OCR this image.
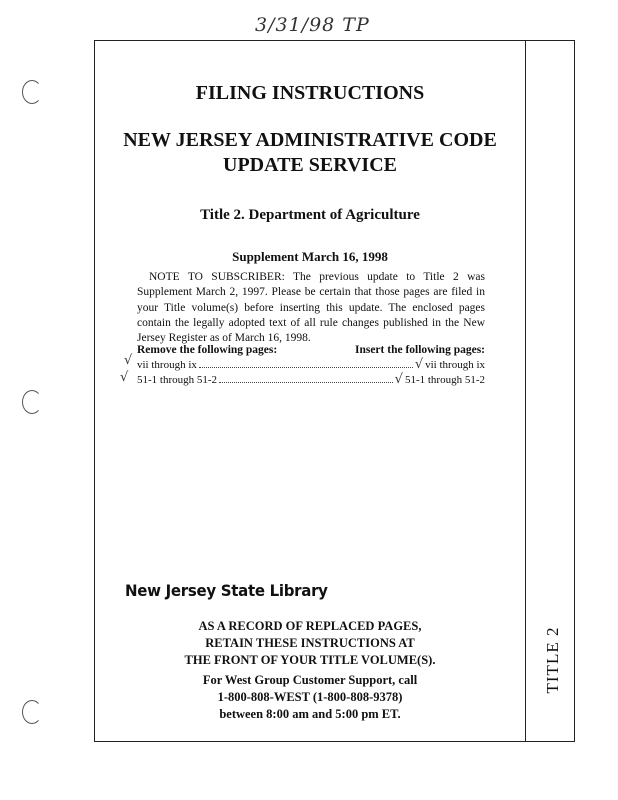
3/31/98 TP
TITLE 2
FILING INSTRUCTIONS
NEW JERSEY ADMINISTRATIVE CODE
UPDATE SERVICE
Title 2. Department of Agriculture
Supplement March 16, 1998
NOTE TO SUBSCRIBER: The previous update to Title 2 was Supplement March 2, 1997. Please be certain that those pages are filed in your Title volume(s) before inserting this update. The enclosed pages contain the legally adopted text of all rule changes published in the New Jersey Register as of March 16, 1998.
Remove the following pages:	Insert the following pages:
√ vii through ix	√ vii through ix
√ 51-1 through 51-2	√ 51-1 through 51-2
New Jersey State Library
AS A RECORD OF REPLACED PAGES,
RETAIN THESE INSTRUCTIONS AT
THE FRONT OF YOUR TITLE VOLUME(S).
For West Group Customer Support, call
1-800-808-WEST (1-800-808-9378)
between 8:00 am and 5:00 pm ET.
